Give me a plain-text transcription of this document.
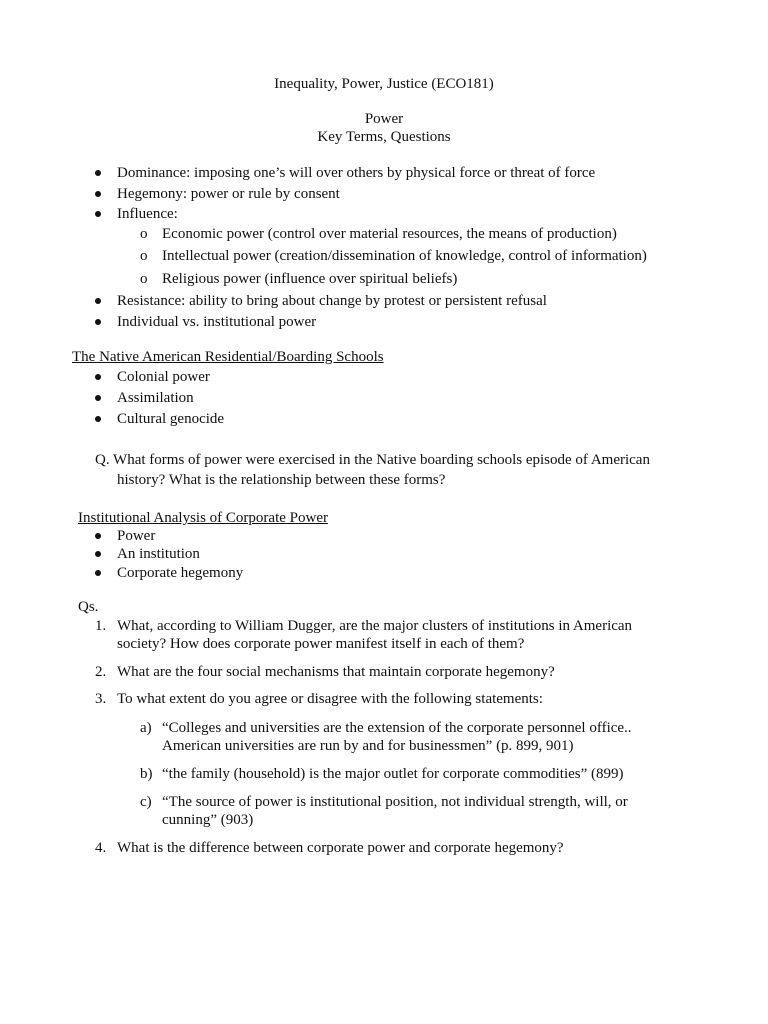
Inequality, Power, Justice (ECO181)
Power
Key Terms, Questions
Dominance: imposing one’s will over others by physical force or threat of force
Hegemony: power or rule by consent
Influence:
o Economic power (control over material resources, the means of production)
o Intellectual power (creation/dissemination of knowledge, control of information)
o Religious power (influence over spiritual beliefs)
Resistance: ability to bring about change by protest or persistent refusal
Individual vs. institutional power
The Native American Residential/Boarding Schools
Colonial power
Assimilation
Cultural genocide
Q. What forms of power were exercised in the Native boarding schools episode of American
history? What is the relationship between these forms?
Institutional Analysis of Corporate Power
Power
An institution
Corporate hegemony
Qs.
1. What, according to William Dugger, are the major clusters of institutions in American
society? How does corporate power manifest itself in each of them?
2. What are the four social mechanisms that maintain corporate hegemony?
3. To what extent do you agree or disagree with the following statements:
a) “Colleges and universities are the extension of the corporate personnel office..
American universities are run by and for businessmen” (p. 899, 901)
b) “the family (household) is the major outlet for corporate commodities” (899)
c) “The source of power is institutional position, not individual strength, will, or
cunning” (903)
4. What is the difference between corporate power and corporate hegemony?
